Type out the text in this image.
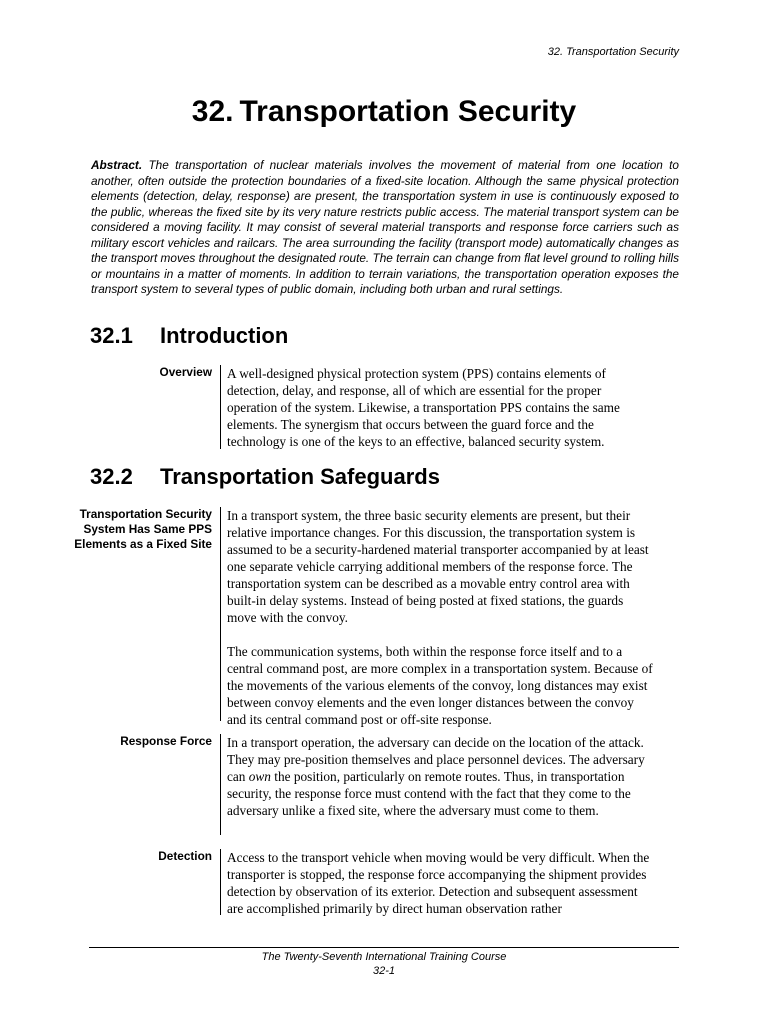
32. Transportation Security
32. Transportation Security

Abstract. The transportation of nuclear materials involves the movement of material from one location to another, often outside the protection boundaries of a fixed-site location. Although the same physical protection elements (detection, delay, response) are present, the transportation system in use is continuously exposed to the public, whereas the fixed site by its very nature restricts public access. The material transport system can be considered a moving facility. It may consist of several material transports and response force carriers such as military escort vehicles and railcars. The area surrounding the facility (transport mode) automatically changes as the transport moves throughout the designated route. The terrain can change from flat level ground to rolling hills or mountains in a matter of moments. In addition to terrain variations, the transportation operation exposes the transport system to several types of public domain, including both urban and rural settings.

32.1 Introduction
Overview A well-designed physical protection system (PPS) contains elements of detection, delay, and response, all of which are essential for the proper operation of the system. Likewise, a transportation PPS contains the same elements. The synergism that occurs between the guard force and the technology is one of the keys to an effective, balanced security system.

32.2 Transportation Safeguards
Transportation Security System Has Same PPS Elements as a Fixed Site

In a transport system, the three basic security elements are present, but their relative importance changes. For this discussion, the transportation system is assumed to be a security-hardened material transporter accompanied by at least one separate vehicle carrying additional members of the response force. The transportation system can be described as a movable entry control area with built-in delay systems. Instead of being posted at fixed stations, the guards move with the convoy.

The communication systems, both within the response force itself and to a central command post, are more complex in a transportation system. Because of the movements of the various elements of the convoy, long distances may exist between convoy elements and the even longer distances between the convoy and its central command post or off-site response.

Response Force In a transport operation, the adversary can decide on the location of the attack. They may pre-position themselves and place personnel devices. The adversary can own the position, particularly on remote routes. Thus, in transportation security, the response force must contend with the fact that they come to the adversary unlike a fixed site, where the adversary must come to them.

Detection Access to the transport vehicle when moving would be very difficult. When the transporter is stopped, the response force accompanying the shipment provides detection by observation of its exterior. Detection and subsequent assessment are accomplished primarily by direct human observation rather

The Twenty-Seventh International Training Course
32-1
